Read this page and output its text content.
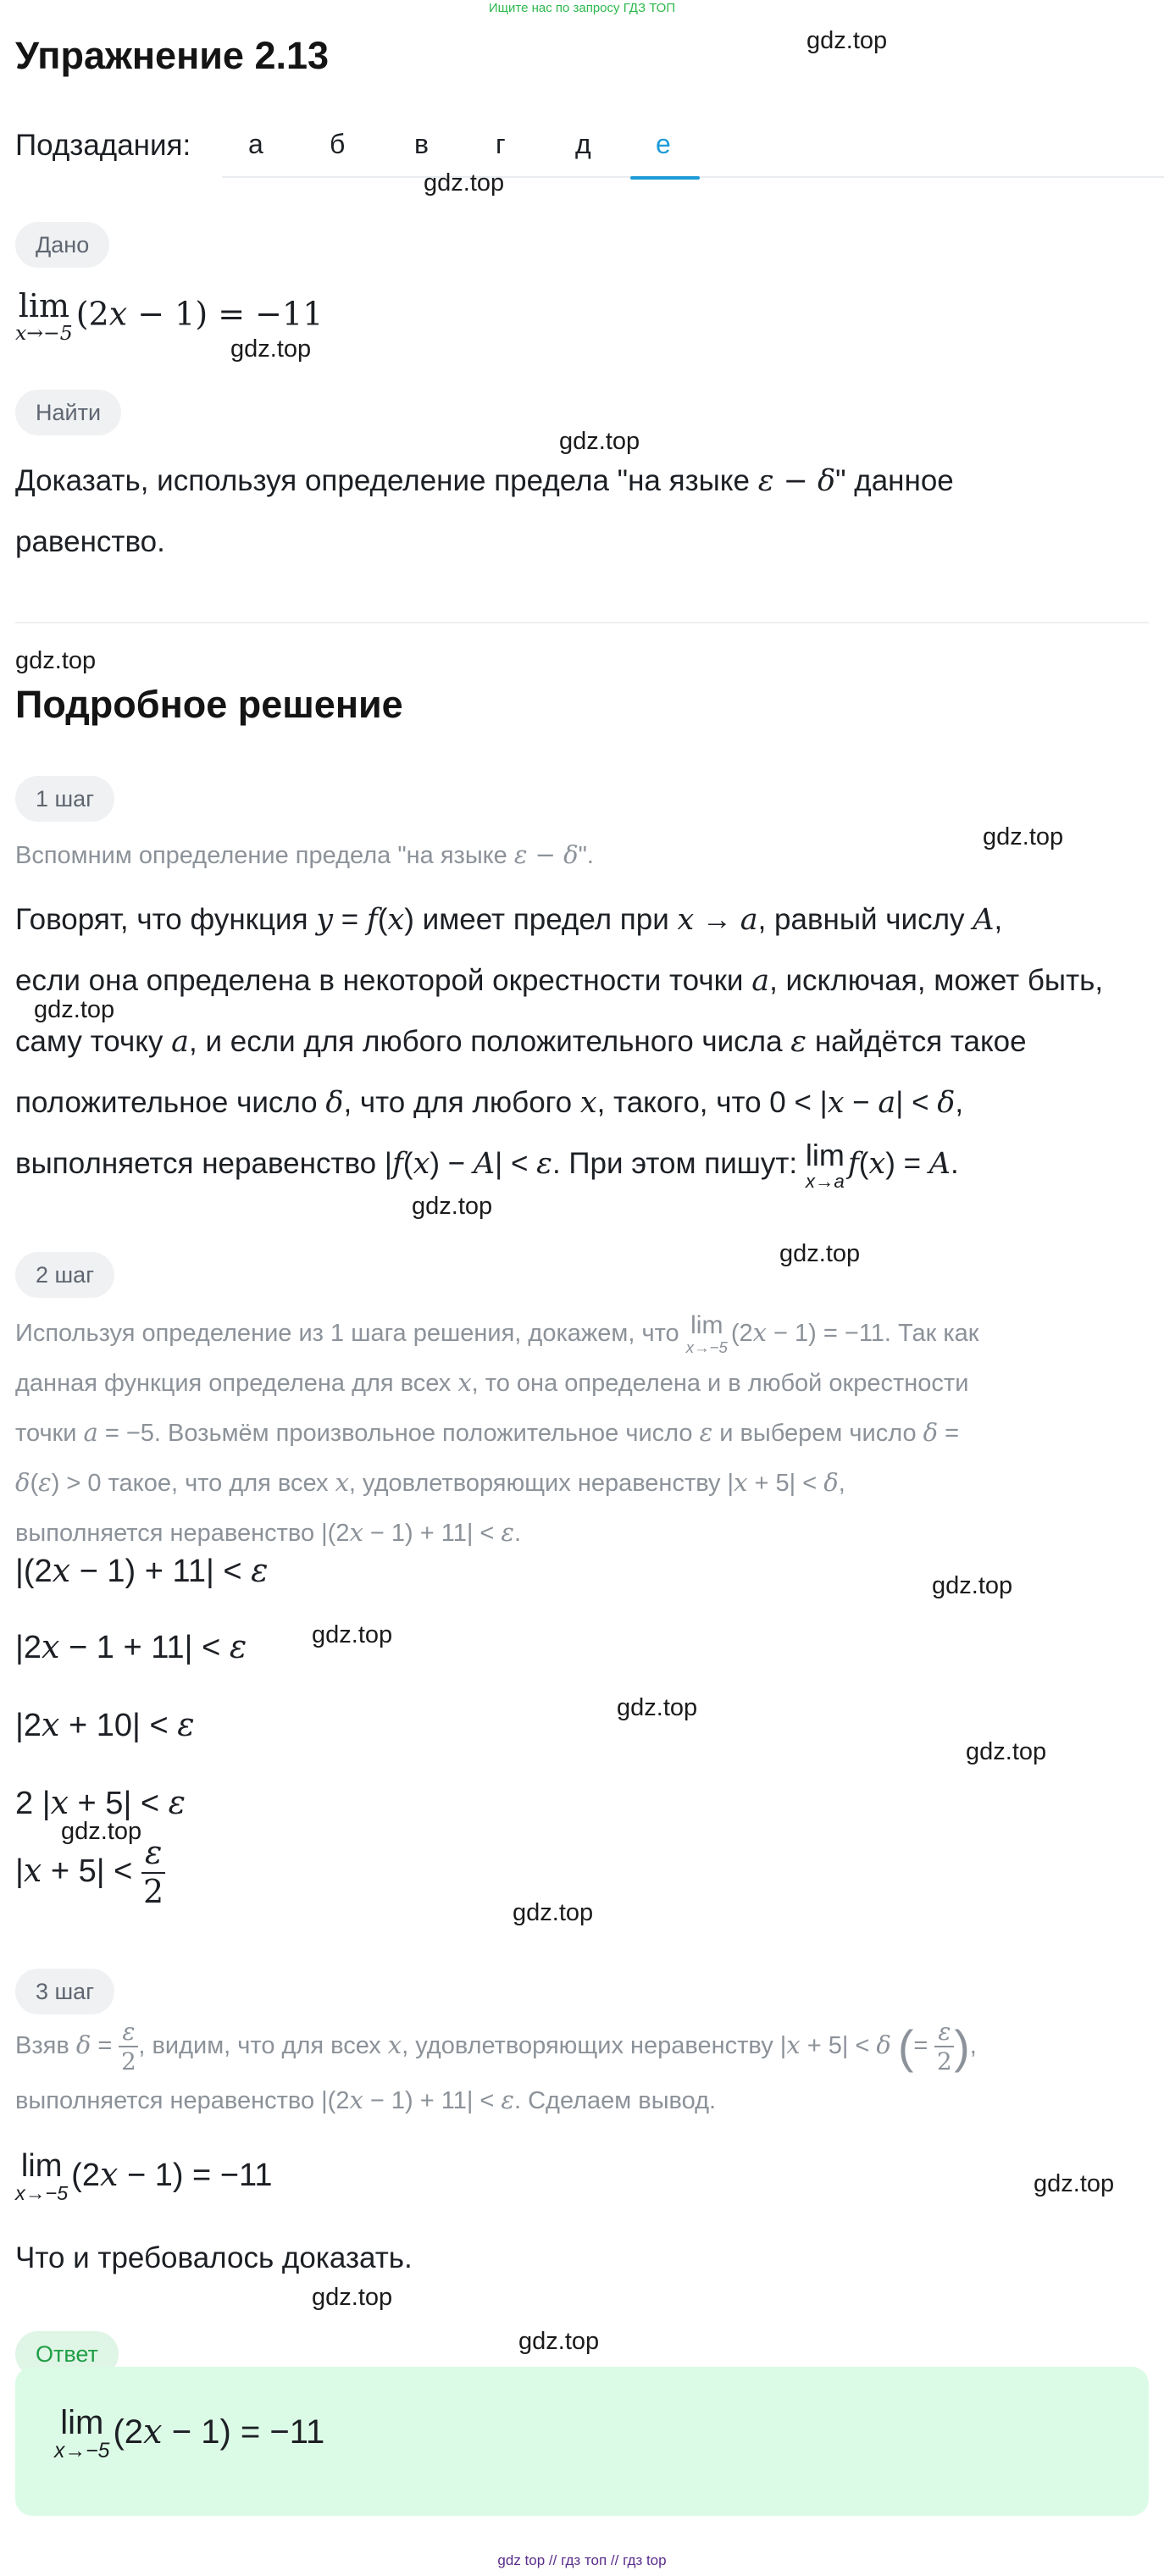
Ищите нас по запросу ГДЗ ТОП
Упражнение 2.13
Подзадания: а б	в г	д е
Дано
lim
x→−5
(2x − 1) = −11
Найти
Доказать, используя определение предела "на языке ε − δ" данное
равенство.
Подробное решение
1 шаг
Вспомним определение предела "на языке ε − δ".
Говорят, что функция y = f(x) имеет предел при x → a, равный числу A,
если она определена в некоторой окрестности точки a, исключая, может быть,
саму точку a, и если для любого положительного числа ε найдётся такое
положительное число δ, что для любого x, такого, что 0 < |x − a| < δ,
выполняется неравенство |f(x) − A| < ε. При этом пишут: lim
x→a
f(x) = A.
2 шаг
Используя определение из 1 шага решения, докажем, что lim
x→−5
(2x − 1) = −11. Так как
данная функция определена для всех x, то она определена и в любой окрестности
точки a = −5. Возьмём произвольное положительное число ε и выберем число δ =
δ(ε) > 0 такое, что для всех x, удовлетворяющих неравенству |x + 5| < δ,
выполняется неравенство |(2x − 1) + 11| < ε.
|(2x − 1) + 11| < ε
|2x − 1 + 11| < ε
|2x + 10| < ε
2 |x + 5| < ε
$|x + 5| < \frac{\varepsilon}{2}$
3 шаг
Взяв $\delta = \frac{\varepsilon}{2}$ , видим, что для всех x, удовлетворяющих неравенству |x + 5| < δ (= $\frac{\varepsilon}{2}$ ),
выполняется неравенство |(2x − 1) + 11| < ε. Сделаем вывод.
lim
x→−5
(2x − 1) = −11
Что и требовалось доказать.
Ответ
lim
x→−5
(2x − 1) = −11
gdz.top
gdz.top
gdz.top
gdz.top
gdz.top
gdz.top
gdz.top
gdz.top
gdz.top
gdz.top
gdz.top
gdz.top
gdz.top
gdz.top
gdz.top
gdz.top
gdz.top
gdz.top
gdz top // гдз топ // гдз top
